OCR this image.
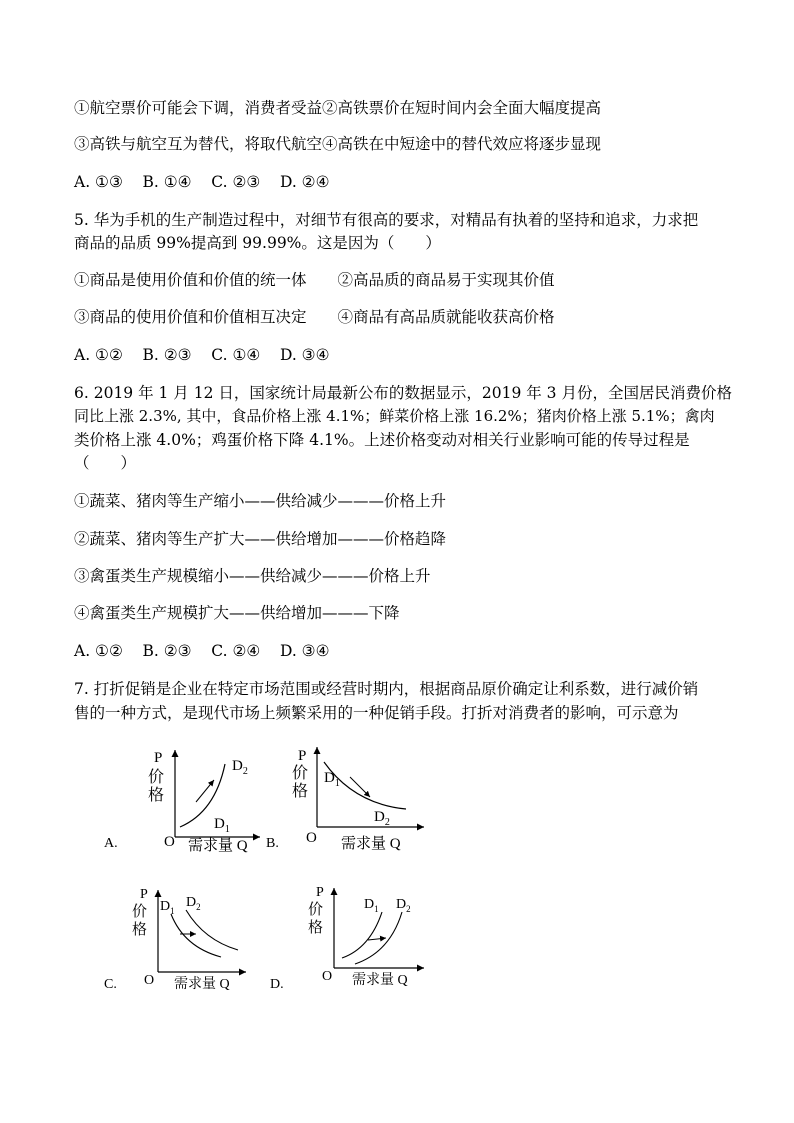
①航空票价可能会下调，消费者受益②高铁票价在短时间内会全面大幅度提高
③高铁与航空互为替代，将取代航空④高铁在中短途中的替代效应将逐步显现
A. ①③    B. ①④    C. ②③    D. ②④
5. 华为手机的生产制造过程中，对细节有很高的要求，对精品有执着的坚持和追求，力求把
商品的品质 99%提高到 99.99%。这是因为（　　）
①商品是使用价值和价值的统一体　　②高品质的商品易于实现其价值
③商品的使用价值和价值相互决定　　④商品有高品质就能收获高价格
A. ①②    B. ②③    C. ①④    D. ③④
6. 2019 年 1 月 12 日，国家统计局最新公布的数据显示，2019 年 3 月份，全国居民消费价格
同比上涨 2.3%, 其中，食品价格上涨 4.1%；鲜菜价格上涨 16.2%；猪肉价格上涨 5.1%；禽肉
类价格上涨 4.0%；鸡蛋价格下降 4.1%。上述价格变动对相关行业影响可能的传导过程是
（　　）
①蔬菜、猪肉等生产缩小——供给减少———价格上升
②蔬菜、猪肉等生产扩大——供给增加———价格趋降
③禽蛋类生产规模缩小——供给减少———价格上升
④禽蛋类生产规模扩大——供给增加———下降
A. ①②    B. ②③    C. ②④    D. ③④
7. 打折促销是企业在特定市场范围或经营时期内，根据商品原价确定让利系数，进行减价销
售的一种方式，是现代市场上频繁采用的一种促销手段。打折对消费者的影响，可示意为
A.	B.
C.	D.
P
价
格
O 需求量 Q
$D_2$
$D_1$
P
价
格
O 需求量 Q
$D_1$
$D_2$
P
价
格
O 需求量 Q
$D_1$
$D_2$
P
价
格
O 需求量 Q
$D_1$ $D_2$
